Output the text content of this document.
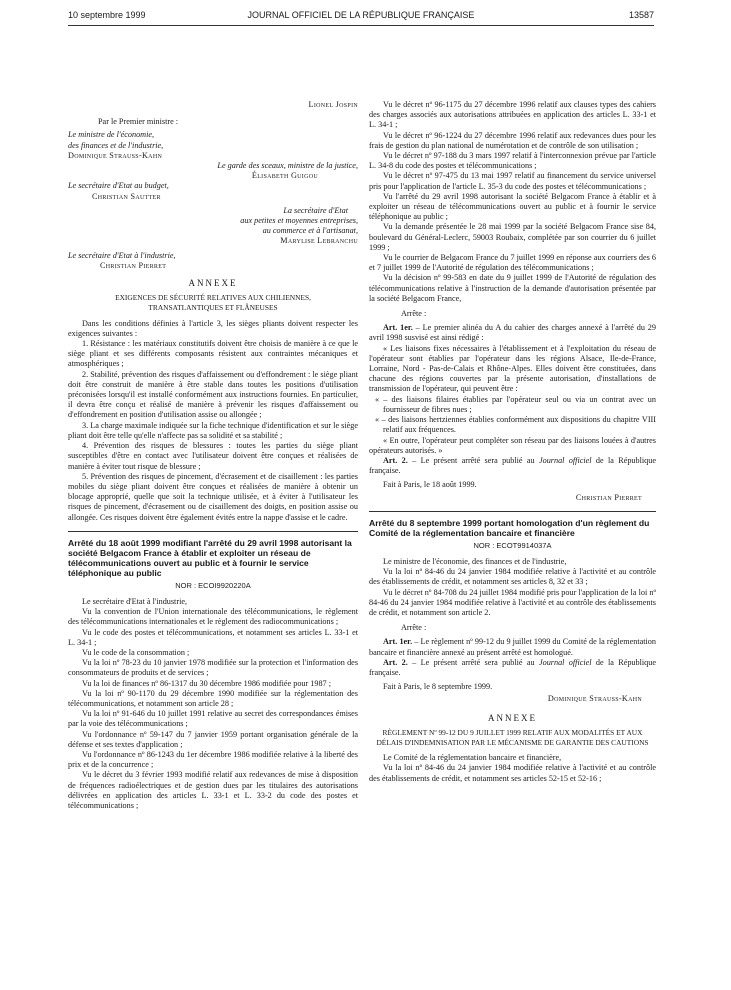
10 septembre 1999	JOURNAL OFFICIEL DE LA RÉPUBLIQUE FRANÇAISE	13587

Lionel Jospin

Par le Premier ministre :

Le ministre de l'économie,

des finances et de l'industrie,

Dominique Strauss-Kahn

Le garde des sceaux, ministre de la justice,

Élisabeth Guigou

Le secrétaire d'Etat au budget,

Christian Sautter

La secrétaire d'Etat

aux petites et moyennes entreprises,

au commerce et à l'artisanat,

Marylise Lebranchu

Le secrétaire d'Etat à l'industrie,

Christian Pierret

ANNEXE

EXIGENCES DE SÉCURITÉ RELATIVES AUX CHILIENNES, TRANSATLANTIQUES ET FLÂNEUSES

Dans les conditions définies à l'article 3, les sièges pliants doivent respecter les exigences suivantes :

1. Résistance : les matériaux constitutifs doivent être choisis de manière à ce que le siège pliant et ses différents composants résistent aux contraintes mécaniques et atmosphériques ;

2. Stabilité, prévention des risques d'affaissement ou d'effondrement : le siège pliant doit être construit de manière à être stable dans toutes les positions d'utilisation préconisées lorsqu'il est installé conformément aux instructions fournies. En particulier, il devra être conçu et réalisé de manière à prévenir les risques d'affaissement ou d'effondrement en position d'utilisation assise ou allongée ;

3. La charge maximale indiquée sur la fiche technique d'identification et sur le siège pliant doit être telle qu'elle n'affecte pas sa solidité et sa stabilité ;

4. Prévention des risques de blessures : toutes les parties du siège pliant susceptibles d'être en contact avec l'utilisateur doivent être conçues et réalisées de manière à éviter tout risque de blessure ;

5. Prévention des risques de pincement, d'écrasement et de cisaillement : les parties mobiles du siège pliant doivent être conçues et réalisées de manière à obtenir un blocage approprié, quelle que soit la technique utilisée, et à éviter à l'utilisateur les risques de pincement, d'écrasement ou de cisaillement des doigts, en position assise ou allongée. Ces risques doivent être également évités entre la nappe d'assise et le cadre.

Arrêté du 18 août 1999 modifiant l'arrêté du 29 avril 1998 autorisant la société Belgacom France à établir et exploiter un réseau de télécommunications ouvert au public et à fournir le service téléphonique au public

NOR : ECOI9920220A

Le secrétaire d'Etat à l'industrie,

Vu la convention de l'Union internationale des télécommunications, le règlement des télécommunications internationales et le règlement des radiocommunications ;

Vu le code des postes et télécommunications, et notamment ses articles L. 33-1 et L. 34-1 ;

Vu le code de la consommation ;

Vu la loi nº 78-23 du 10 janvier 1978 modifiée sur la protection et l'information des consommateurs de produits et de services ;

Vu la loi de finances nº 86-1317 du 30 décembre 1986 modifiée pour 1987 ;

Vu la loi nº 90-1170 du 29 décembre 1990 modifiée sur la réglementation des télécommunications, et notamment son article 28 ;

Vu la loi nº 91-646 du 10 juillet 1991 relative au secret des correspondances émises par la voie des télécommunications ;

Vu l'ordonnance nº 59-147 du 7 janvier 1959 portant organisation générale de la défense et ses textes d'application ;

Vu l'ordonnance nº 86-1243 du 1er décembre 1986 modifiée relative à la liberté des prix et de la concurrence ;

Vu le décret du 3 février 1993 modifié relatif aux redevances de mise à disposition de fréquences radioélectriques et de gestion dues par les titulaires des autorisations délivrées en application des articles L. 33-1 et L. 33-2 du code des postes et télécommunications ;

Vu le décret nº 96-1175 du 27 décembre 1996 relatif aux clauses types des cahiers des charges associés aux autorisations attribuées en application des articles L. 33-1 et L. 34-1 ;

Vu le décret nº 96-1224 du 27 décembre 1996 relatif aux redevances dues pour les frais de gestion du plan national de numérotation et de contrôle de son utilisation ;

Vu le décret nº 97-188 du 3 mars 1997 relatif à l'interconnexion prévue par l'article L. 34-8 du code des postes et télécommunications ;

Vu le décret nº 97-475 du 13 mai 1997 relatif au financement du service universel pris pour l'application de l'article L. 35-3 du code des postes et télécommunications ;

Vu l'arrêté du 29 avril 1998 autorisant la société Belgacom France à établir et à exploiter un réseau de télécommunications ouvert au public et à fournir le service téléphonique au public ;

Vu la demande présentée le 28 mai 1999 par la société Belgacom France sise 84, boulevard du Général-Leclerc, 59003 Roubaix, complétée par son courrier du 6 juillet 1999 ;

Vu le courrier de Belgacom France du 7 juillet 1999 en réponse aux courriers des 6 et 7 juillet 1999 de l'Autorité de régulation des télécommunications ;

Vu la décision nº 99-583 en date du 9 juillet 1999 de l'Autorité de régulation des télécommunications relative à l'instruction de la demande d'autorisation présentée par la société Belgacom France,

Arrête :

Art. 1er. – Le premier alinéa du A du cahier des charges annexé à l'arrêté du 29 avril 1998 susvisé est ainsi rédigé :

« Les liaisons fixes nécessaires à l'établissement et à l'exploitation du réseau de l'opérateur sont établies par l'opérateur dans les régions Alsace, Ile-de-France, Lorraine, Nord - Pas-de-Calais et Rhône-Alpes. Elles doivent être constituées, dans chacune des régions couvertes par la présente autorisation, d'installations de transmission de l'opérateur, qui peuvent être :

« – des liaisons filaires établies par l'opérateur seul ou via un contrat avec un fournisseur de fibres nues ;

« – des liaisons hertziennes établies conformément aux dispositions du chapitre VIII relatif aux fréquences.

« En outre, l'opérateur peut compléter son réseau par des liaisons louées à d'autres opérateurs autorisés. »

Art. 2. – Le présent arrêté sera publié au Journal officiel de la République française.

Fait à Paris, le 18 août 1999.

Christian Pierret

Arrêté du 8 septembre 1999 portant homologation d'un règlement du Comité de la réglementation bancaire et financière

NOR : ECOT9914037A

Le ministre de l'économie, des finances et de l'industrie,

Vu la loi nº 84-46 du 24 janvier 1984 modifiée relative à l'activité et au contrôle des établissements de crédit, et notamment ses articles 8, 32 et 33 ;

Vu le décret nº 84-708 du 24 juillet 1984 modifié pris pour l'application de la loi nº 84-46 du 24 janvier 1984 modifiée relative à l'activité et au contrôle des établissements de crédit, et notamment son article 2.

Arrête :

Art. 1er. – Le règlement nº 99-12 du 9 juillet 1999 du Comité de la réglementation bancaire et financière annexé au présent arrêté est homologué.

Art. 2. – Le présent arrêté sera publié au Journal officiel de la République française.

Fait à Paris, le 8 septembre 1999.

Dominique Strauss-Kahn

ANNEXE

RÈGLEMENT Nº 99-12 DU 9 JUILLET 1999 RELATIF AUX MODALITÉS ET AUX DÉLAIS D'INDEMNISATION PAR LE MÉCANISME DE GARANTIE DES CAUTIONS

Le Comité de la réglementation bancaire et financière,

Vu la loi nº 84-46 du 24 janvier 1984 modifiée relative à l'activité et au contrôle des établissements de crédit, et notamment ses articles 52-15 et 52-16 ;
